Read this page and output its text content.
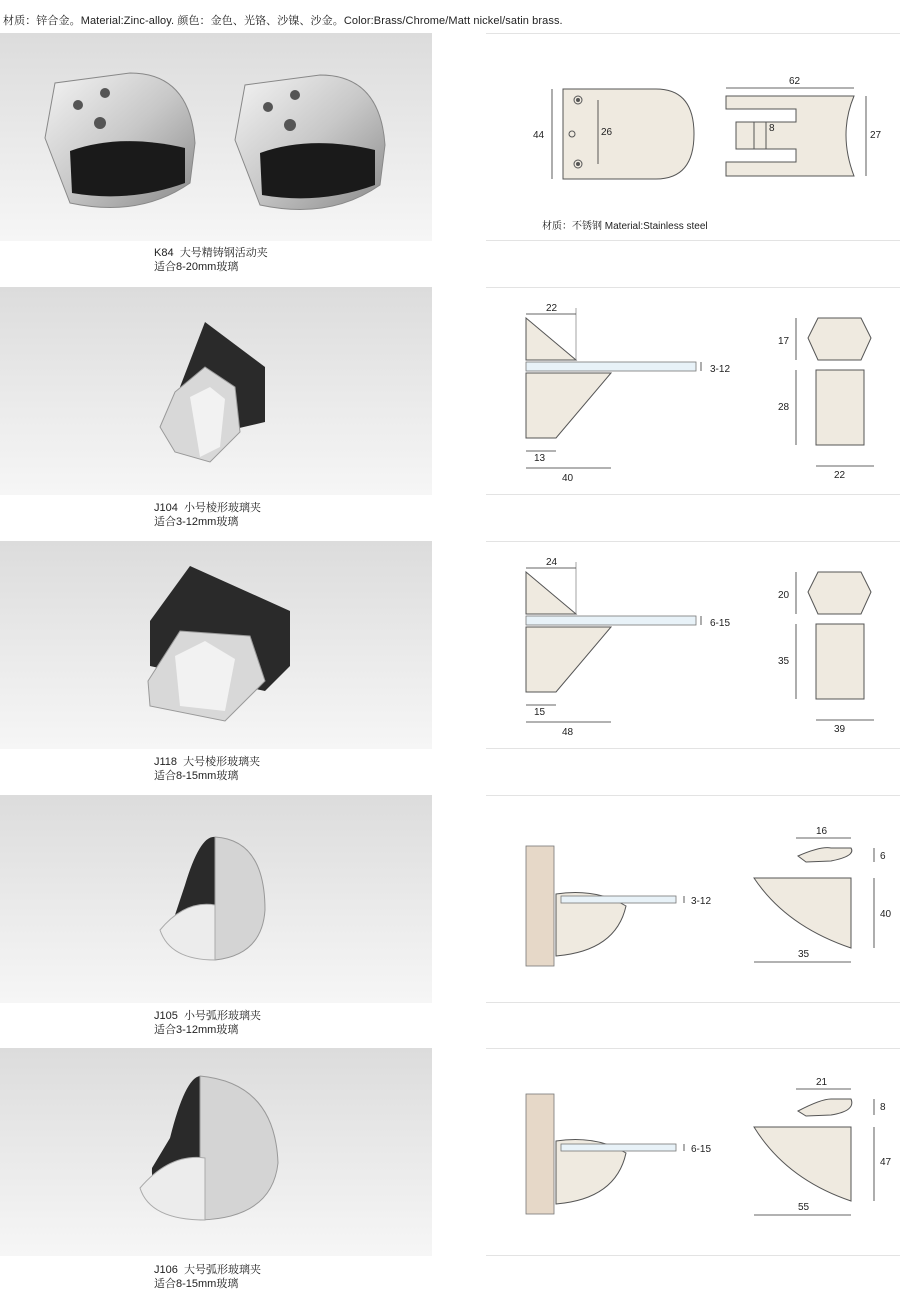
材质：锌合金。Material:Zinc-alloy. 颜色：金色、光铬、沙镍、沙金。Color:Brass/Chrome/Matt nickel/satin brass.
K84 大号精铸钢活动夹
适合8-20mm玻璃
44	26
62
27
8
材质：不锈钢 Material:Stainless steel
J104 小号棱形玻璃夹
适合3-12mm玻璃
22
3-12
13
40
17
28
22
J118 大号棱形玻璃夹
适合8-15mm玻璃
24
6-15
15
48
20
35
39
J105 小号弧形玻璃夹
适合3-12mm玻璃
3-12
16
6
40
35
J106 大号弧形玻璃夹
适合8-15mm玻璃
6-15
21
8
47
55
